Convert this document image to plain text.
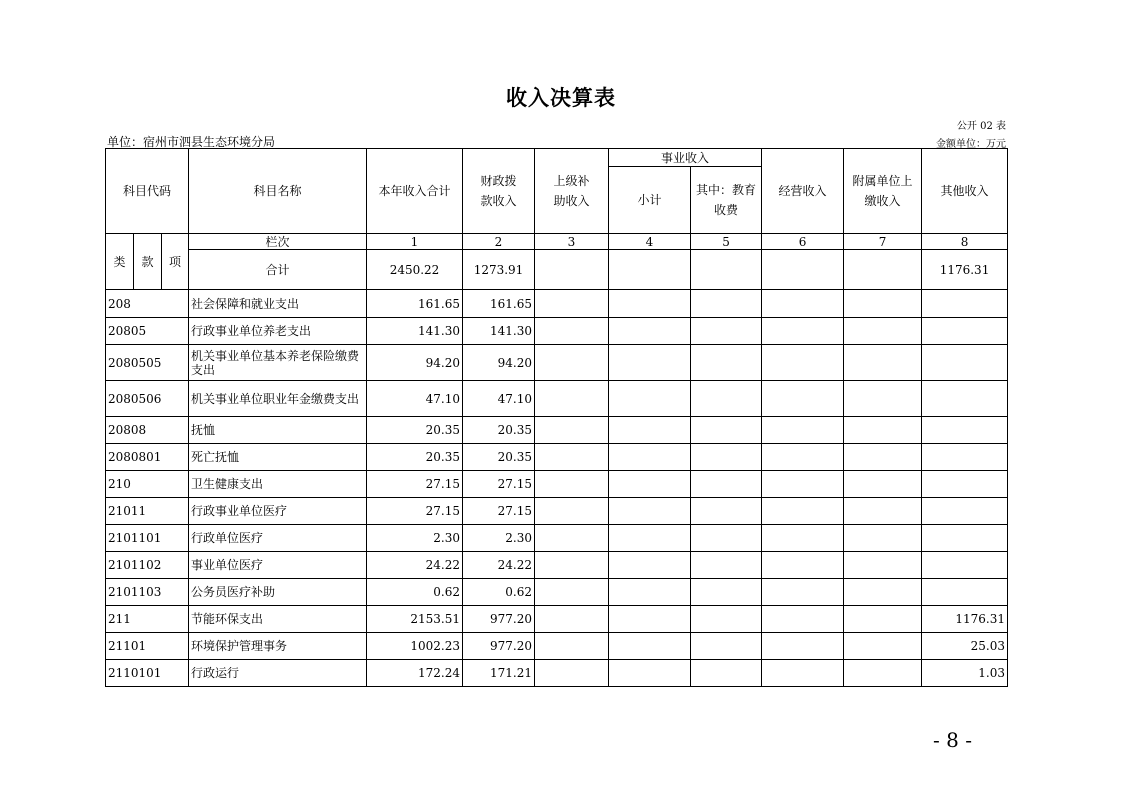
收入决算表
公开 02 表
单位：宿州市泗县生态环境分局	金额单位：万元
科目代码			科目名称	本年收入合计	财政拨款收入	上级补助收入	事业收入		经营收入	附属单位上缴收入	其他收入
							小计	其中：教育收费			

类	款	项	栏次	1	2	3	4	5	6	7	8
			合计	2450.22	1273.91						1176.31
208			社会保障和就业支出	161.65	161.65						
20805			行政事业单位养老支出	141.30	141.30						
2080505			机关事业单位基本养老保险缴费支出	94.20	94.20						
2080506			机关事业单位职业年金缴费支出	47.10	47.10						
20808			抚恤	20.35	20.35						
2080801			死亡抚恤	20.35	20.35						
210			卫生健康支出	27.15	27.15						
21011			行政事业单位医疗	27.15	27.15						
2101101			行政单位医疗	2.30	2.30						
2101102			事业单位医疗	24.22	24.22						
2101103			公务员医疗补助	0.62	0.62						
211			节能环保支出	2153.51	977.20						1176.31
21101			环境保护管理事务	1002.23	977.20						25.03
2110101			行政运行	172.24	171.21						1.03
- 8 -
